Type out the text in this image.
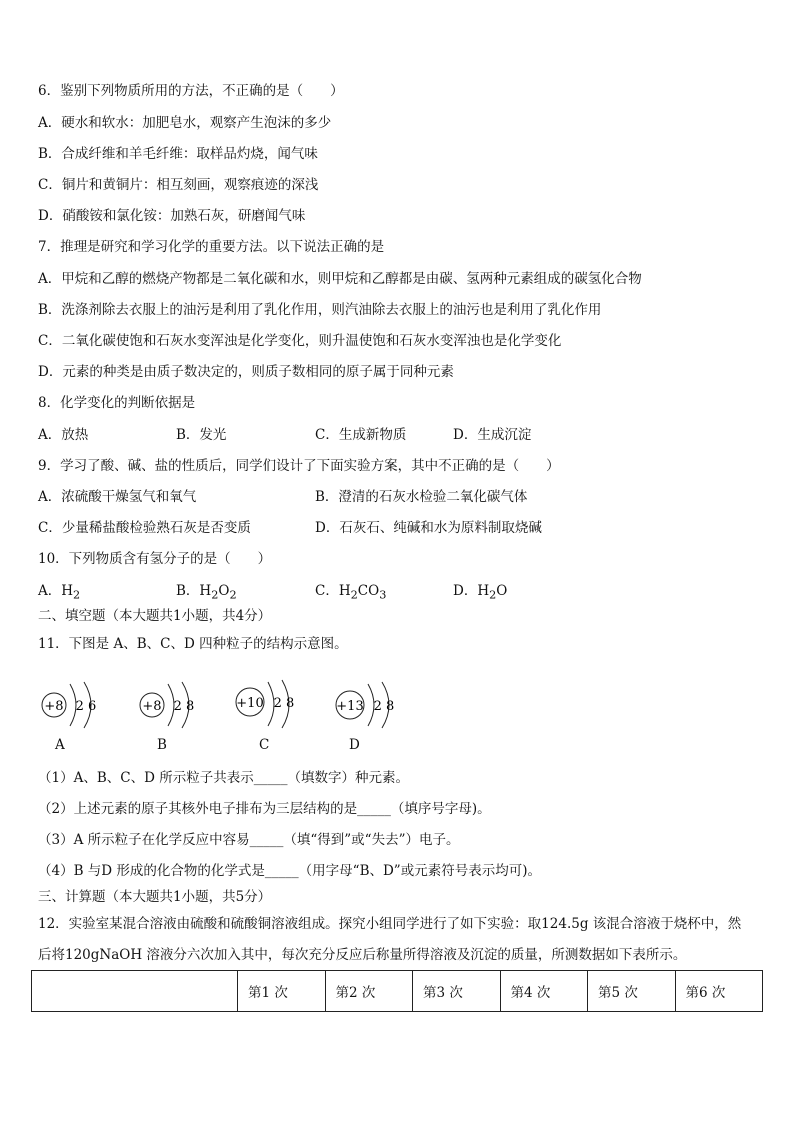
6．鉴别下列物质所用的方法，不正确的是（　　）
A．硬水和软水：加肥皂水，观察产生泡沫的多少
B．合成纤维和羊毛纤维：取样品灼烧，闻气味
C．铜片和黄铜片：相互刻画，观察痕迹的深浅
D．硝酸铵和氯化铵：加熟石灰，研磨闻气味
7．推理是研究和学习化学的重要方法。以下说法正确的是
A．甲烷和乙醇的燃烧产物都是二氧化碳和水，则甲烷和乙醇都是由碳、氢两种元素组成的碳氢化合物
B．洗涤剂除去衣服上的油污是利用了乳化作用，则汽油除去衣服上的油污也是利用了乳化作用
C．二氧化碳使饱和石灰水变浑浊是化学变化，则升温使饱和石灰水变浑浊也是化学变化
D．元素的种类是由质子数决定的，则质子数相同的原子属于同种元素
8．化学变化的判断依据是
A．放热	B．发光	C．生成新物质	D．生成沉淀
9．学习了酸、碱、盐的性质后，同学们设计了下面实验方案，其中不正确的是（　　）
A．浓硫酸干燥氢气和氧气	B．澄清的石灰水检验二氧化碳气体
C．少量稀盐酸检验熟石灰是否变质	D．石灰石、纯碱和水为原料制取烧碱
10．下列物质含有氢分子的是（　　）
A．$H_2$	B．$H_2O_2$	C．$H_2CO_3$	D．$H_2O$
二、填空题（本大题共1小题，共4分）
11．下图是 A、B、C、D 四种粒子的结构示意图。
+8 2 6
A
+8 2 8
B
+10 2 8
C
+13 2 8
D
（1）A、B、C、D 所示粒子共表示_____（填数字）种元素。
（2）上述元素的原子其核外电子排布为三层结构的是_____（填序号字母)。
（3）A 所示粒子在化学反应中容易_____（填“得到”或“失去”）电子。
（4）B 与D 形成的化合物的化学式是_____（用字母“B、D”或元素符号表示均可)。
三、计算题（本大题共1小题，共5分）
12．实验室某混合溶液由硫酸和硫酸铜溶液组成。探究小组同学进行了如下实验：取124.5g 该混合溶液于烧杯中，然
后将120gNaOH 溶液分六次加入其中，每次充分反应后称量所得溶液及沉淀的质量，所测数据如下表所示。
	第1 次	第2 次	第3 次	第4 次	第5 次	第6 次
